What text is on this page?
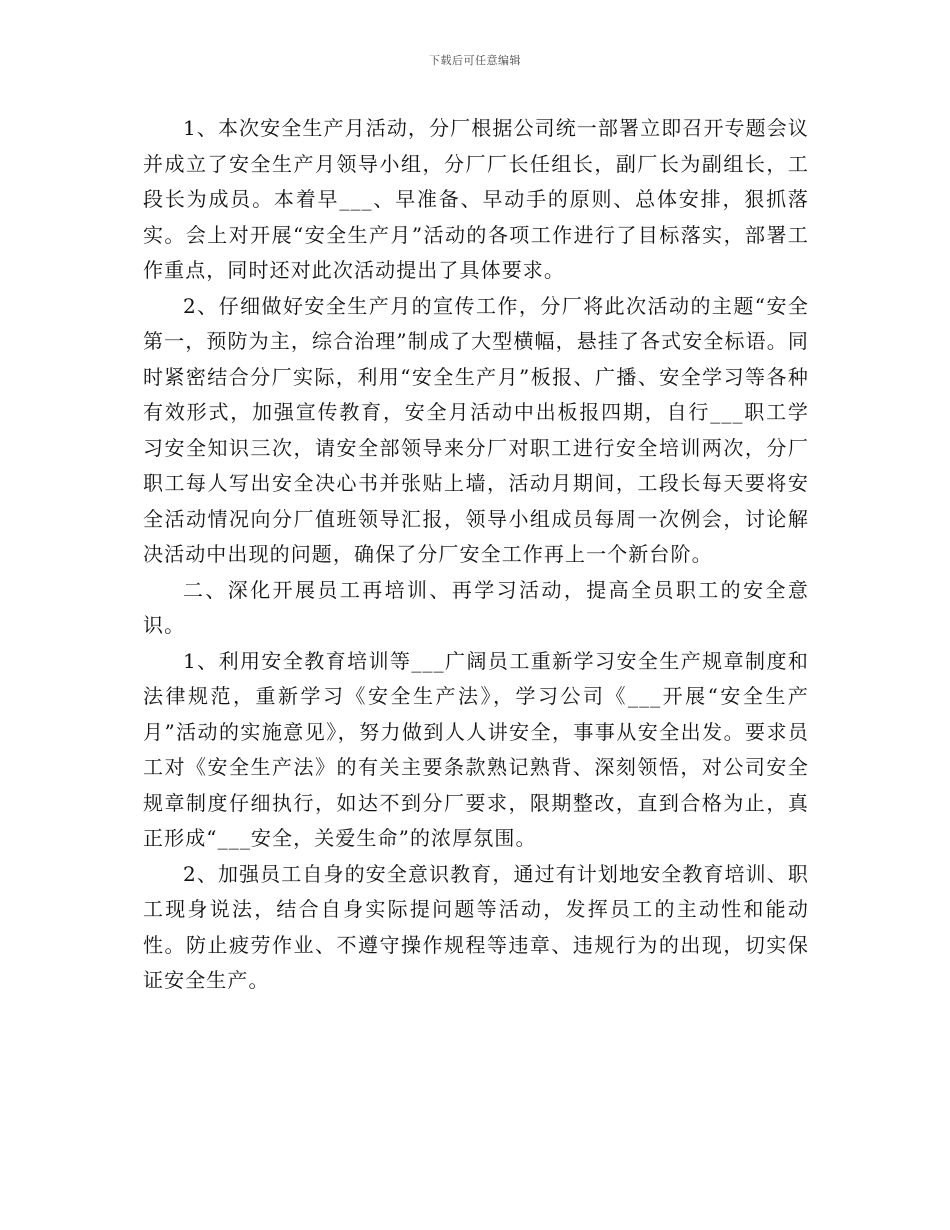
下载后可任意编辑

1、本次安全生产月活动，分厂根据公司统一部署立即召开专题会议并成立了安全生产月领导小组，分厂厂长任组长，副厂长为副组长，工段长为成员。本着早___、早准备、早动手的原则、总体安排，狠抓落实。会上对开展“安全生产月”活动的各项工作进行了目标落实，部署工作重点，同时还对此次活动提出了具体要求。

2、仔细做好安全生产月的宣传工作，分厂将此次活动的主题“安全第一，预防为主，综合治理”制成了大型横幅，悬挂了各式安全标语。同时紧密结合分厂实际，利用“安全生产月”板报、广播、安全学习等各种有效形式，加强宣传教育，安全月活动中出板报四期，自行___职工学习安全知识三次，请安全部领导来分厂对职工进行安全培训两次，分厂职工每人写出安全决心书并张贴上墙，活动月期间，工段长每天要将安全活动情况向分厂值班领导汇报，领导小组成员每周一次例会，讨论解决活动中出现的问题，确保了分厂安全工作再上一个新台阶。

二、深化开展员工再培训、再学习活动，提高全员职工的安全意识。

1、利用安全教育培训等___广阔员工重新学习安全生产规章制度和法律规范，重新学习《安全生产法》，学习公司《___开展“安全生产月”活动的实施意见》，努力做到人人讲安全，事事从安全出发。要求员工对《安全生产法》的有关主要条款熟记熟背、深刻领悟，对公司安全规章制度仔细执行，如达不到分厂要求，限期整改，直到合格为止，真正形成“___安全，关爱生命”的浓厚氛围。

2、加强员工自身的安全意识教育，通过有计划地安全教育培训、职工现身说法，结合自身实际提问题等活动，发挥员工的主动性和能动性。防止疲劳作业、不遵守操作规程等违章、违规行为的出现，切实保证安全生产。
